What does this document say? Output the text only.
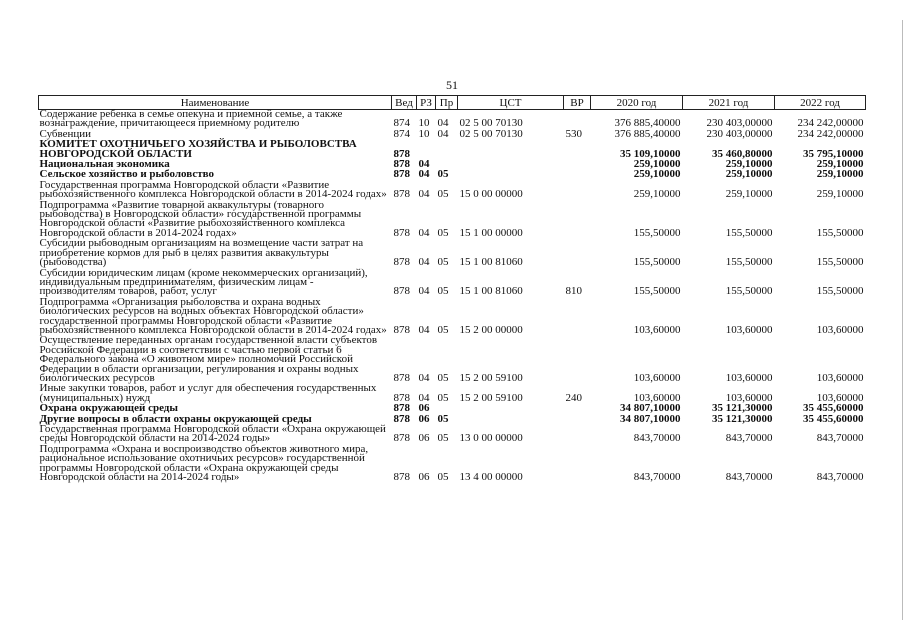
51
Наименование	Вед	РЗ	Пр	ЦСТ	ВР	2020 год	2021 год	2022 год
Содержание ребенка в семье опекуна и приемной семье, а также вознаграждение, причитающееся приемному родителю	874	10	04	02 5 00 70130		376 885,40000	230 403,00000	234 242,00000
Субвенции	874	10	04	02 5 00 70130	530	376 885,40000	230 403,00000	234 242,00000
КОМИТЕТ ОХОТНИЧЬЕГО ХОЗЯЙСТВА И РЫБОЛОВСТВА НОВГОРОДСКОЙ ОБЛАСТИ	878					35 109,10000	35 460,80000	35 795,10000
Национальная экономика	878	04				259,10000	259,10000	259,10000
Сельское хозяйство и рыболовство	878	04	05			259,10000	259,10000	259,10000
Государственная программа Новгородской области «Развитие рыбохозяйственного комплекса Новгородской области в 2014-2024 годах»	878	04	05	15 0 00 00000		259,10000	259,10000	259,10000
Подпрограмма «Развитие товарной аквакультуры (товарного рыбоводства) в Новгородской области» государственной программы Новгородской области «Развитие рыбохозяйственного комплекса Новгородской области в 2014-2024 годах»	878	04	05	15 1 00 00000		155,50000	155,50000	155,50000
Субсидии рыбоводным организациям на возмещение части затрат на приобретение кормов для рыб в целях развития аквакультуры (рыбоводства)	878	04	05	15 1 00 81060		155,50000	155,50000	155,50000
Субсидии юридическим лицам (кроме некоммерческих организаций), индивидуальным предпринимателям, физическим лицам - производителям товаров, работ, услуг	878	04	05	15 1 00 81060	810	155,50000	155,50000	155,50000
Подпрограмма «Организация рыболовства и охрана водных биологических ресурсов на водных объектах Новгородской области» государственной программы Новгородской области «Развитие рыбохозяйственного комплекса Новгородской области в 2014-2024 годах»	878	04	05	15 2 00 00000		103,60000	103,60000	103,60000
Осуществление переданных органам государственной власти субъектов Российской Федерации в соответствии с частью первой статьи 6 Федерального закона «О животном мире» полномочий Российской Федерации в области организации, регулирования и охраны водных биологических ресурсов	878	04	05	15 2 00 59100		103,60000	103,60000	103,60000
Иные закупки товаров, работ и услуг для обеспечения государственных (муниципальных) нужд	878	04	05	15 2 00 59100	240	103,60000	103,60000	103,60000
Охрана окружающей среды	878	06				34 807,10000	35 121,30000	35 455,60000
Другие вопросы в области охраны окружающей среды	878	06	05			34 807,10000	35 121,30000	35 455,60000
Государственная программа Новгородской области «Охрана окружающей среды Новгородской области на 2014-2024 годы»	878	06	05	13 0 00 00000		843,70000	843,70000	843,70000
Подпрограмма «Охрана и воспроизводство объектов животного мира, рациональное использование охотничьих ресурсов» государственной программы Новгородской области «Охрана окружающей среды Новгородской области на 2014-2024 годы»	878	06	05	13 4 00 00000		843,70000	843,70000	843,70000
